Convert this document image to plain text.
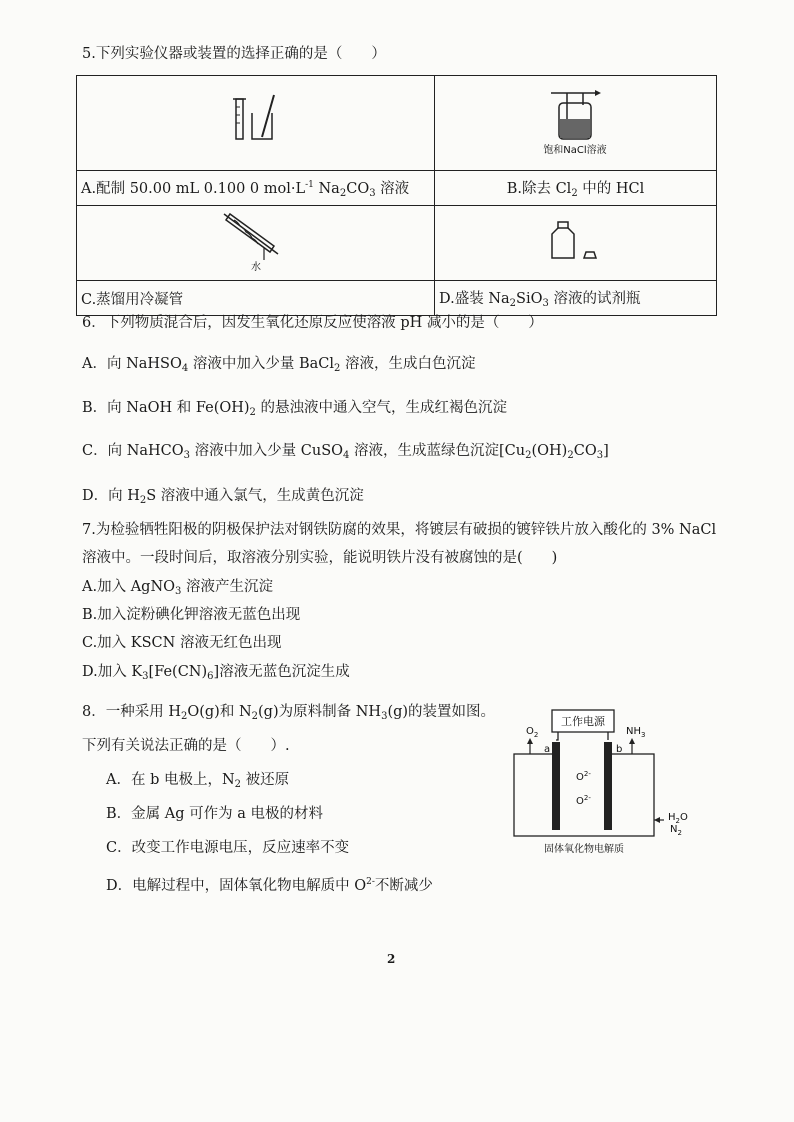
5.下列实验仪器或装置的选择正确的是（　　）

饱和NaCl溶液

A.配制 50.00 mL 0.100 0 $mol\cdot L^{-1}$ $Na_2CO_3$ 溶液	B.除去 $Cl_2$ 中的 HCl

水

C.蒸馏用冷凝管	D.盛装 $Na_2SiO_3$ 溶液的试剂瓶
6．下列物质混合后，因发生氧化还原反应使溶液 pH 减小的是（　　）
A．向 NaHSO$_4$ 溶液中加入少量 BaCl$_2$ 溶液，生成白色沉淀
B．向 NaOH 和 $Fe(OH)_2$ 的悬浊液中通入空气，生成红褐色沉淀
C．向 NaHCO$_3$ 溶液中加入少量 CuSO$_4$ 溶液，生成蓝绿色沉淀$[Cu_2(OH)_2CO_3]$
D．向 $H_2S$ 溶液中通入氯气，生成黄色沉淀
7.为检验牺牲阳极的阴极保护法对钢铁防腐的效果，将镀层有破损的镀锌铁片放入酸化的 3% NaCl
溶液中。一段时间后，取溶液分别实验，能说明铁片没有被腐蚀的是(　　)
A.加入 AgNO$_3$ 溶液产生沉淀
B.加入淀粉碘化钾溶液无蓝色出现
C.加入 KSCN 溶液无红色出现
D.加入 $K_3[Fe(CN)_6]$溶液无蓝色沉淀生成
8．一种采用 $H_2O(g)$和 $N_2(g)$为原料制备 $NH_3(g)$的装置如图。
下列有关说法正确的是（　　）.
A．在 b 电极上，$N_2$ 被还原
B．金属 Ag 可作为 a 电极的材料
C．改变工作电源电压，反应速率不变
D．电解过程中，固体氧化物电解质中 $O^{2-}$不断减少
工作电源
$O_2$
a	b
$NH_3$
$O^{2-}$
$O^{2-}$
$H_2O$
$N_2$
固体氧化物电解质
2
